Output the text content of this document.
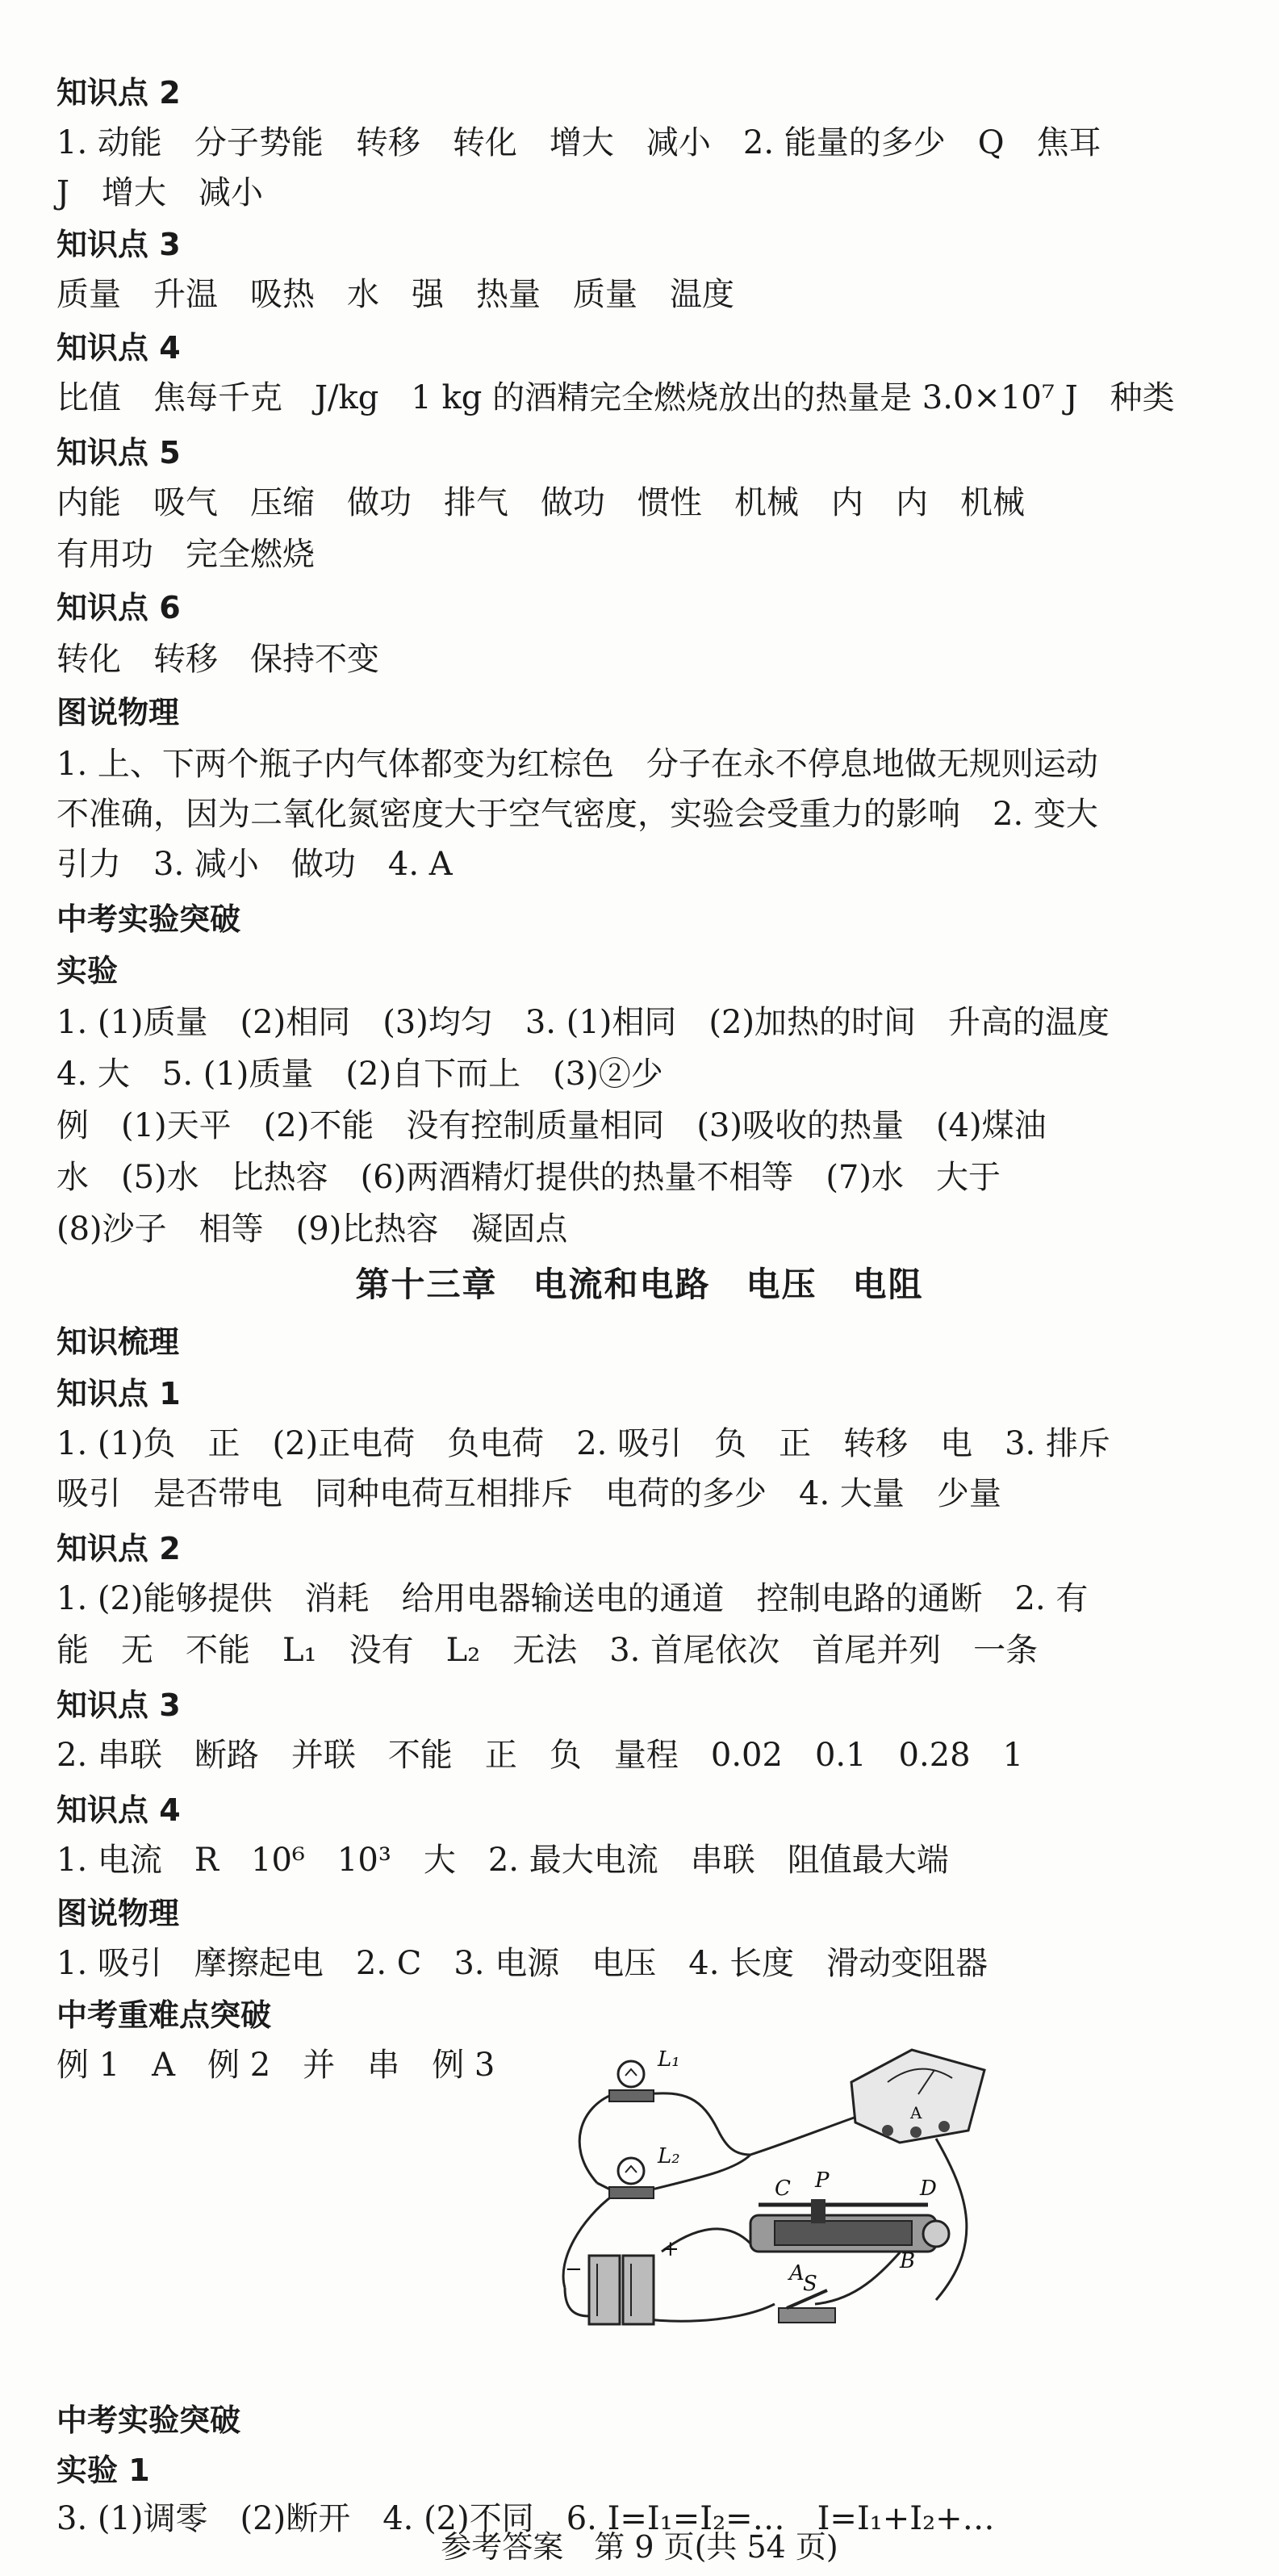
知识点 2
1. 动能　分子势能　转移　转化　增大　减小　2. 能量的多少　Q　焦耳
J　增大　减小
知识点 3
质量　升温　吸热　水　强　热量　质量　温度
知识点 4
比值　焦每千克　J/kg　1 kg 的酒精完全燃烧放出的热量是 3.0×10⁷ J　种类
知识点 5
内能　吸气　压缩　做功　排气　做功　惯性　机械　内　内　机械
有用功　完全燃烧
知识点 6
转化　转移　保持不变
图说物理
1. 上、下两个瓶子内气体都变为红棕色　分子在永不停息地做无规则运动
不准确，因为二氧化氮密度大于空气密度，实验会受重力的影响　2. 变大
引力　3. 减小　做功　4. A
中考实验突破
实验
1. (1)质量　(2)相同　(3)均匀　3. (1)相同　(2)加热的时间　升高的温度
4. 大　5. (1)质量　(2)自下而上　(3)②少
例　(1)天平　(2)不能　没有控制质量相同　(3)吸收的热量　(4)煤油
水　(5)水　比热容　(6)两酒精灯提供的热量不相等　(7)水　大于
(8)沙子　相等　(9)比热容　凝固点
第十三章　电流和电路　电压　电阻
知识梳理
知识点 1
1. (1)负　正　(2)正电荷　负电荷　2. 吸引　负　正　转移　电　3. 排斥
吸引　是否带电　同种电荷互相排斥　电荷的多少　4. 大量　少量
知识点 2
1. (2)能够提供　消耗　给用电器输送电的通道　控制电路的通断　2. 有
能　无　不能　L₁　没有　L₂　无法　3. 首尾依次　首尾并列　一条
知识点 3
2. 串联　断路　并联　不能　正　负　量程　0.02　0.1　0.28　1
知识点 4
1. 电流　R　10⁶　10³　大　2. 最大电流　串联　阻值最大端
图说物理
1. 吸引　摩擦起电　2. C　3. 电源　电压　4. 长度　滑动变阻器
中考重难点突破
例 1　A　例 2　并　串　例 3	L₁
L₂
C P	D
A	B
S
+
−
A
中考实验突破
实验 1
3. (1)调零　(2)断开　4. (2)不同　6. I=I₁=I₂=…　I=I₁+I₂+…
参考答案　第 9 页(共 54 页)
